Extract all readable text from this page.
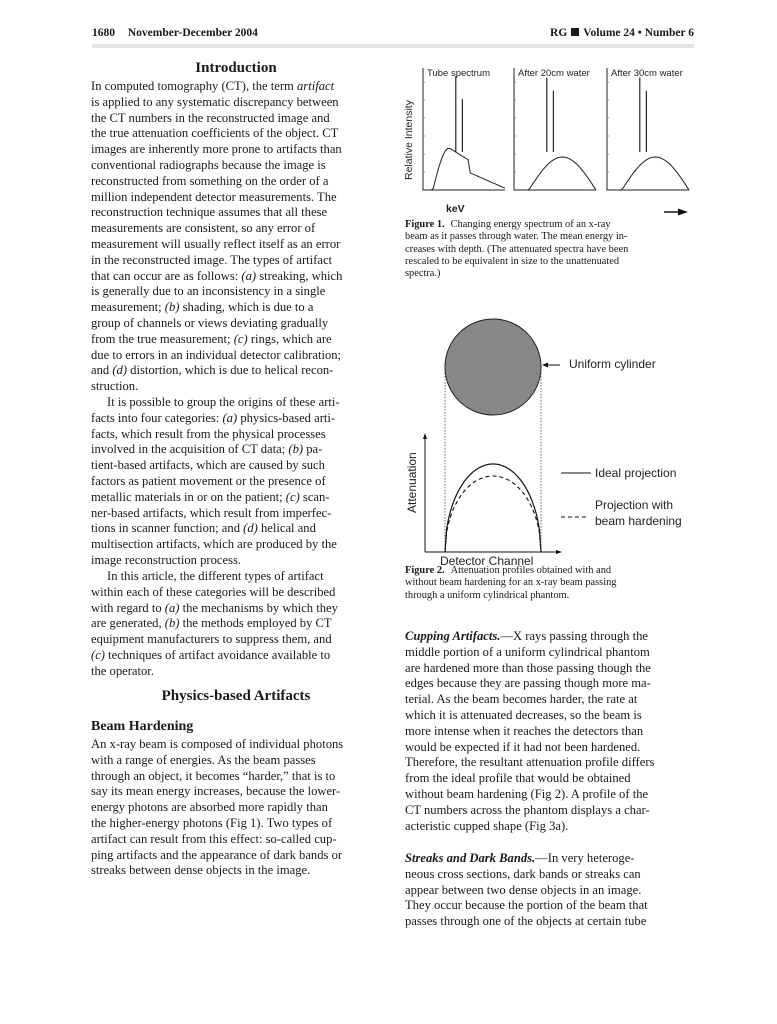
1680 November-December 2004	RG Volume 24 • Number 6
Introduction
In computed tomography (CT), the term artifact
is applied to any systematic discrepancy between
the CT numbers in the reconstructed image and
the true attenuation coefficients of the object. CT
images are inherently more prone to artifacts than
conventional radiographs because the image is
reconstructed from something on the order of a
million independent detector measurements. The
reconstruction technique assumes that all these
measurements are consistent, so any error of
measurement will usually reflect itself as an error
in the reconstructed image. The types of artifact
that can occur are as follows: (a) streaking, which
is generally due to an inconsistency in a single
measurement; (b) shading, which is due to a
group of channels or views deviating gradually
from the true measurement; (c) rings, which are
due to errors in an individual detector calibration;
and (d) distortion, which is due to helical recon-
struction.
It is possible to group the origins of these arti-
facts into four categories: (a) physics-based arti-
facts, which result from the physical processes
involved in the acquisition of CT data; (b) pa-
tient-based artifacts, which are caused by such
factors as patient movement or the presence of
metallic materials in or on the patient; (c) scan-
ner-based artifacts, which result from imperfec-
tions in scanner function; and (d) helical and
multisection artifacts, which are produced by the
image reconstruction process.
In this article, the different types of artifact
within each of these categories will be described
with regard to (a) the mechanisms by which they
are generated, (b) the methods employed by CT
equipment manufacturers to suppress them, and
(c) techniques of artifact avoidance available to
the operator.
Physics-based Artifacts
Beam Hardening
An x-ray beam is composed of individual photons
with a range of energies. As the beam passes
through an object, it becomes “harder,” that is to
say its mean energy increases, because the lower-
energy photons are absorbed more rapidly than
the higher-energy photons (Fig 1). Two types of
artifact can result from this effect: so-called cup-
ping artifacts and the appearance of dark bands or
streaks between dense objects in the image.
Relative Intensity
Tube spectrum	After 20cm water After 30cm water
keV
Figure 1. Changing energy spectrum of an x-ray
beam as it passes through water. The mean energy in-
creases with depth. (The attenuated spectra have been
rescaled to be equivalent in size to the unattenuated
spectra.)
Uniform cylinder
Attenuation
Detector Channel
Ideal projection
Projection with
beam hardening
Figure 2. Attenuation profiles obtained with and
without beam hardening for an x-ray beam passing
through a uniform cylindrical phantom.
Cupping Artifacts.—X rays passing through the
middle portion of a uniform cylindrical phantom
are hardened more than those passing though the
edges because they are passing though more ma-
terial. As the beam becomes harder, the rate at
which it is attenuated decreases, so the beam is
more intense when it reaches the detectors than
would be expected if it had not been hardened.
Therefore, the resultant attenuation profile differs
from the ideal profile that would be obtained
without beam hardening (Fig 2). A profile of the
CT numbers across the phantom displays a char-
acteristic cupped shape (Fig 3a).
Streaks and Dark Bands.—In very heteroge-
neous cross sections, dark bands or streaks can
appear between two dense objects in an image.
They occur because the portion of the beam that
passes through one of the objects at certain tube
